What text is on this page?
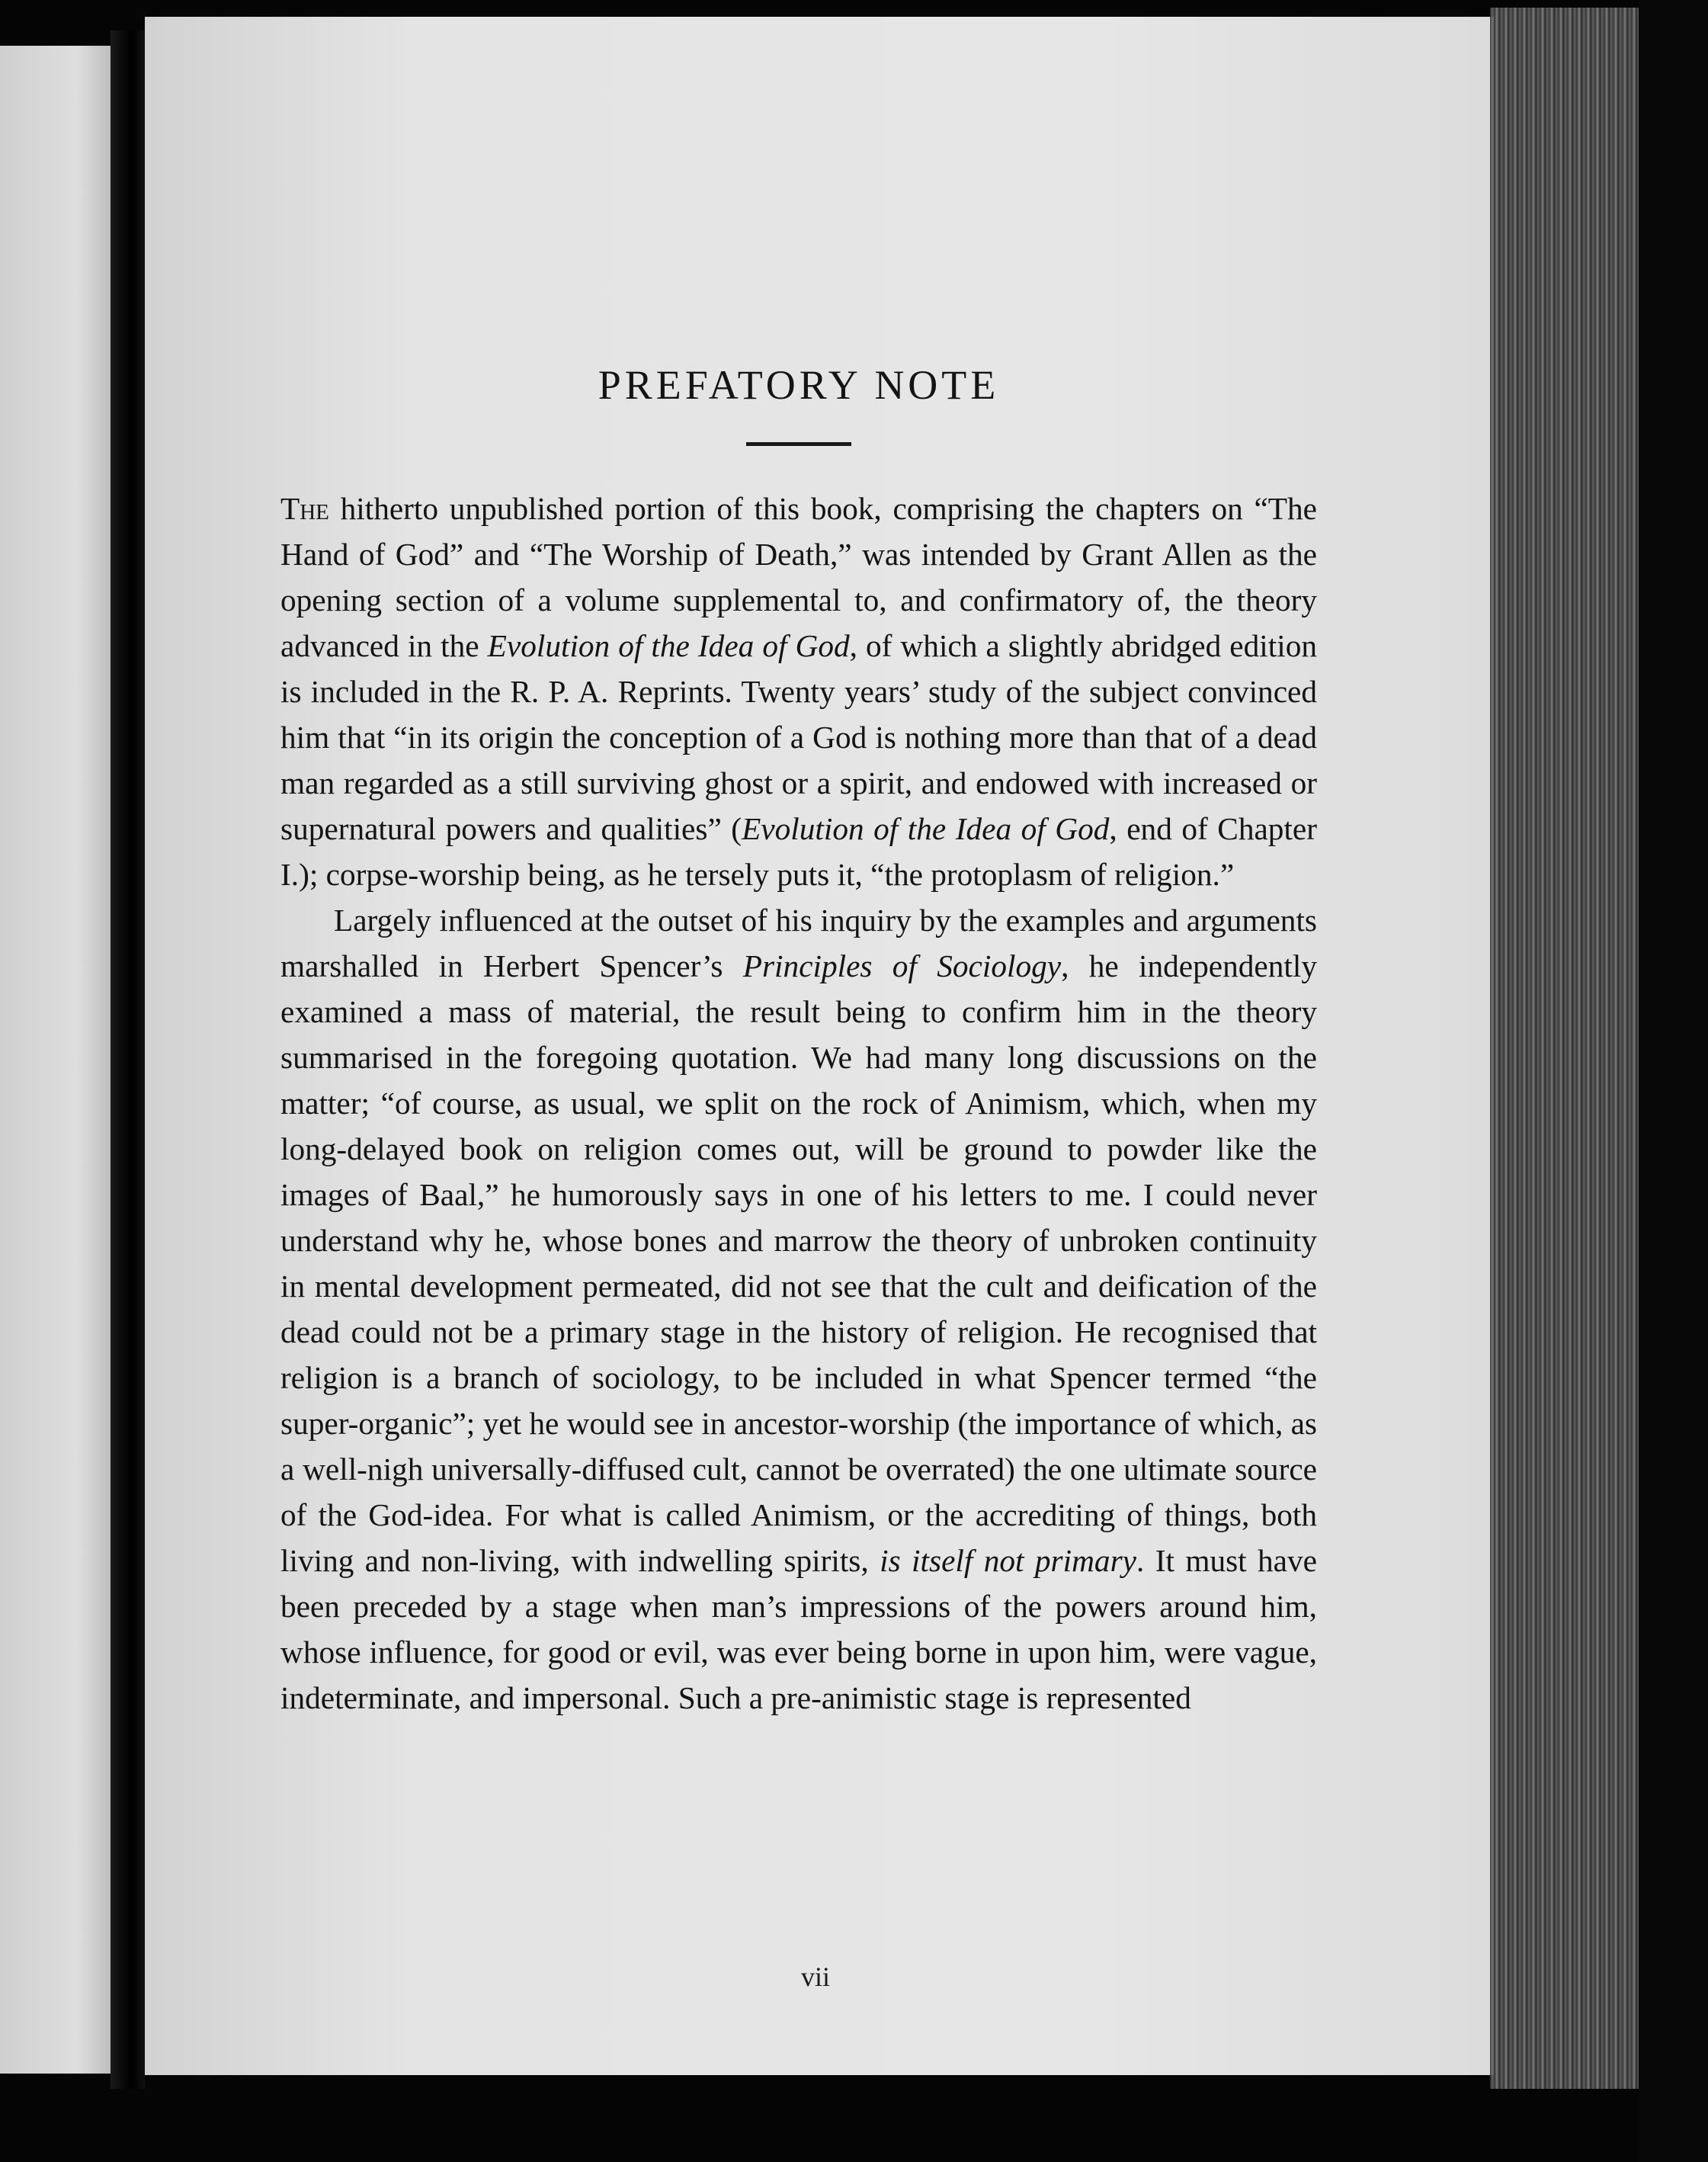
PREFATORY NOTE

The hitherto unpublished portion of this book, comprising the chapters on “The Hand of God” and “The Worship of Death,” was intended by Grant Allen as the opening section of a volume supplemental to, and confirmatory of, the theory advanced in the Evolution of the Idea of God, of which a slightly abridged edition is included in the R. P. A. Reprints. Twenty years’ study of the subject convinced him that “in its origin the conception of a God is nothing more than that of a dead man regarded as a still surviving ghost or a spirit, and endowed with increased or supernatural powers and qualities” (Evolution of the Idea of God, end of Chapter I.); corpse-worship being, as he tersely puts it, “the protoplasm of religion.”

Largely influenced at the outset of his inquiry by the examples and arguments marshalled in Herbert Spencer’s Principles of Sociology, he independently examined a mass of material, the result being to confirm him in the theory summarised in the foregoing quotation. We had many long discussions on the matter; “of course, as usual, we split on the rock of Animism, which, when my long-delayed book on religion comes out, will be ground to powder like the images of Baal,” he humorously says in one of his letters to me. I could never understand why he, whose bones and marrow the theory of unbroken continuity in mental development permeated, did not see that the cult and deification of the dead could not be a primary stage in the history of religion. He recognised that religion is a branch of sociology, to be included in what Spencer termed “the super-organic”; yet he would see in ancestor-worship (the importance of which, as a well-nigh universally-diffused cult, cannot be overrated) the one ultimate source of the God-idea. For what is called Animism, or the accrediting of things, both living and non-living, with indwelling spirits, is itself not primary. It must have been preceded by a stage when man’s impressions of the powers around him, whose influence, for good or evil, was ever being borne in upon him, were vague, indeterminate, and impersonal. Such a pre-animistic stage is represented

vii
